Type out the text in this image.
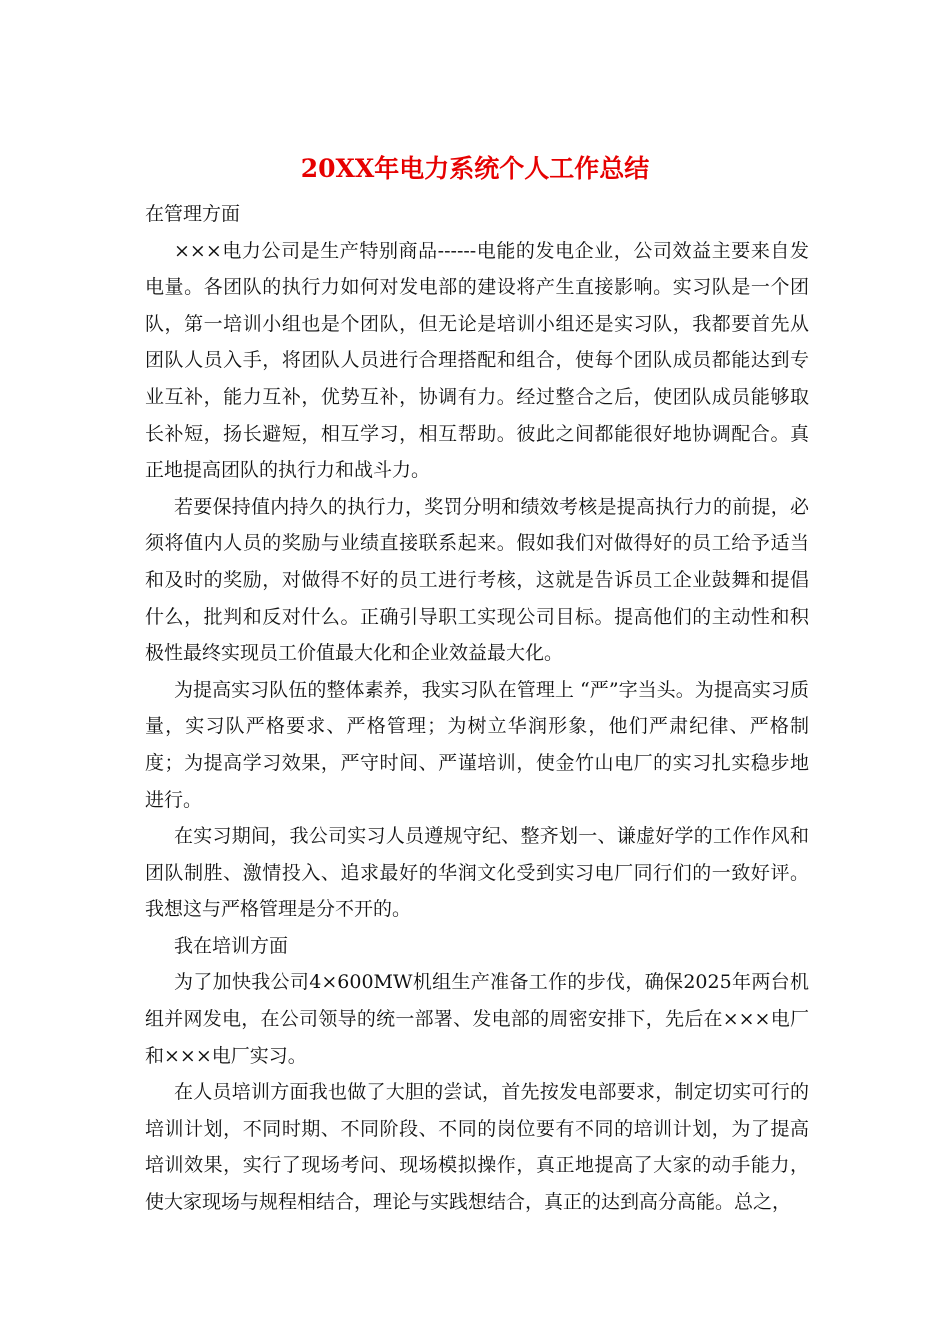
20XX年电力系统个人工作总结

在管理方面

×××电力公司是生产特别商品------电能的发电企业，公司效益主要来自发电量。各团队的执行力如何对发电部的建设将产生直接影响。实习队是一个团队，第一培训小组也是个团队，但无论是培训小组还是实习队，我都要首先从团队人员入手，将团队人员进行合理搭配和组合，使每个团队成员都能达到专业互补，能力互补，优势互补，协调有力。经过整合之后，使团队成员能够取长补短，扬长避短，相互学习，相互帮助。彼此之间都能很好地协调配合。真正地提高团队的执行力和战斗力。

若要保持值内持久的执行力，奖罚分明和绩效考核是提高执行力的前提，必须将值内人员的奖励与业绩直接联系起来。假如我们对做得好的员工给予适当和及时的奖励，对做得不好的员工进行考核，这就是告诉员工企业鼓舞和提倡什么，批判和反对什么。正确引导职工实现公司目标。提高他们的主动性和积极性最终实现员工价值最大化和企业效益最大化。

为提高实习队伍的整体素养，我实习队在管理上 “严”字当头。为提高实习质量，实习队严格要求、严格管理；为树立华润形象，他们严肃纪律、严格制度；为提高学习效果，严守时间、严谨培训，使金竹山电厂的实习扎实稳步地进行。

在实习期间，我公司实习人员遵规守纪、整齐划一、谦虚好学的工作作风和团队制胜、激情投入、追求最好的华润文化受到实习电厂同行们的一致好评。我想这与严格管理是分不开的。

我在培训方面

为了加快我公司4×600MW机组生产准备工作的步伐，确保2025年两台机组并网发电，在公司领导的统一部署、发电部的周密安排下，先后在×××电厂和×××电厂实习。

在人员培训方面我也做了大胆的尝试，首先按发电部要求，制定切实可行的培训计划，不同时期、不同阶段、不同的岗位要有不同的培训计划，为了提高培训效果，实行了现场考问、现场模拟操作，真正地提高了大家的动手能力，使大家现场与规程相结合，理论与实践想结合，真正的达到高分高能。总之，
